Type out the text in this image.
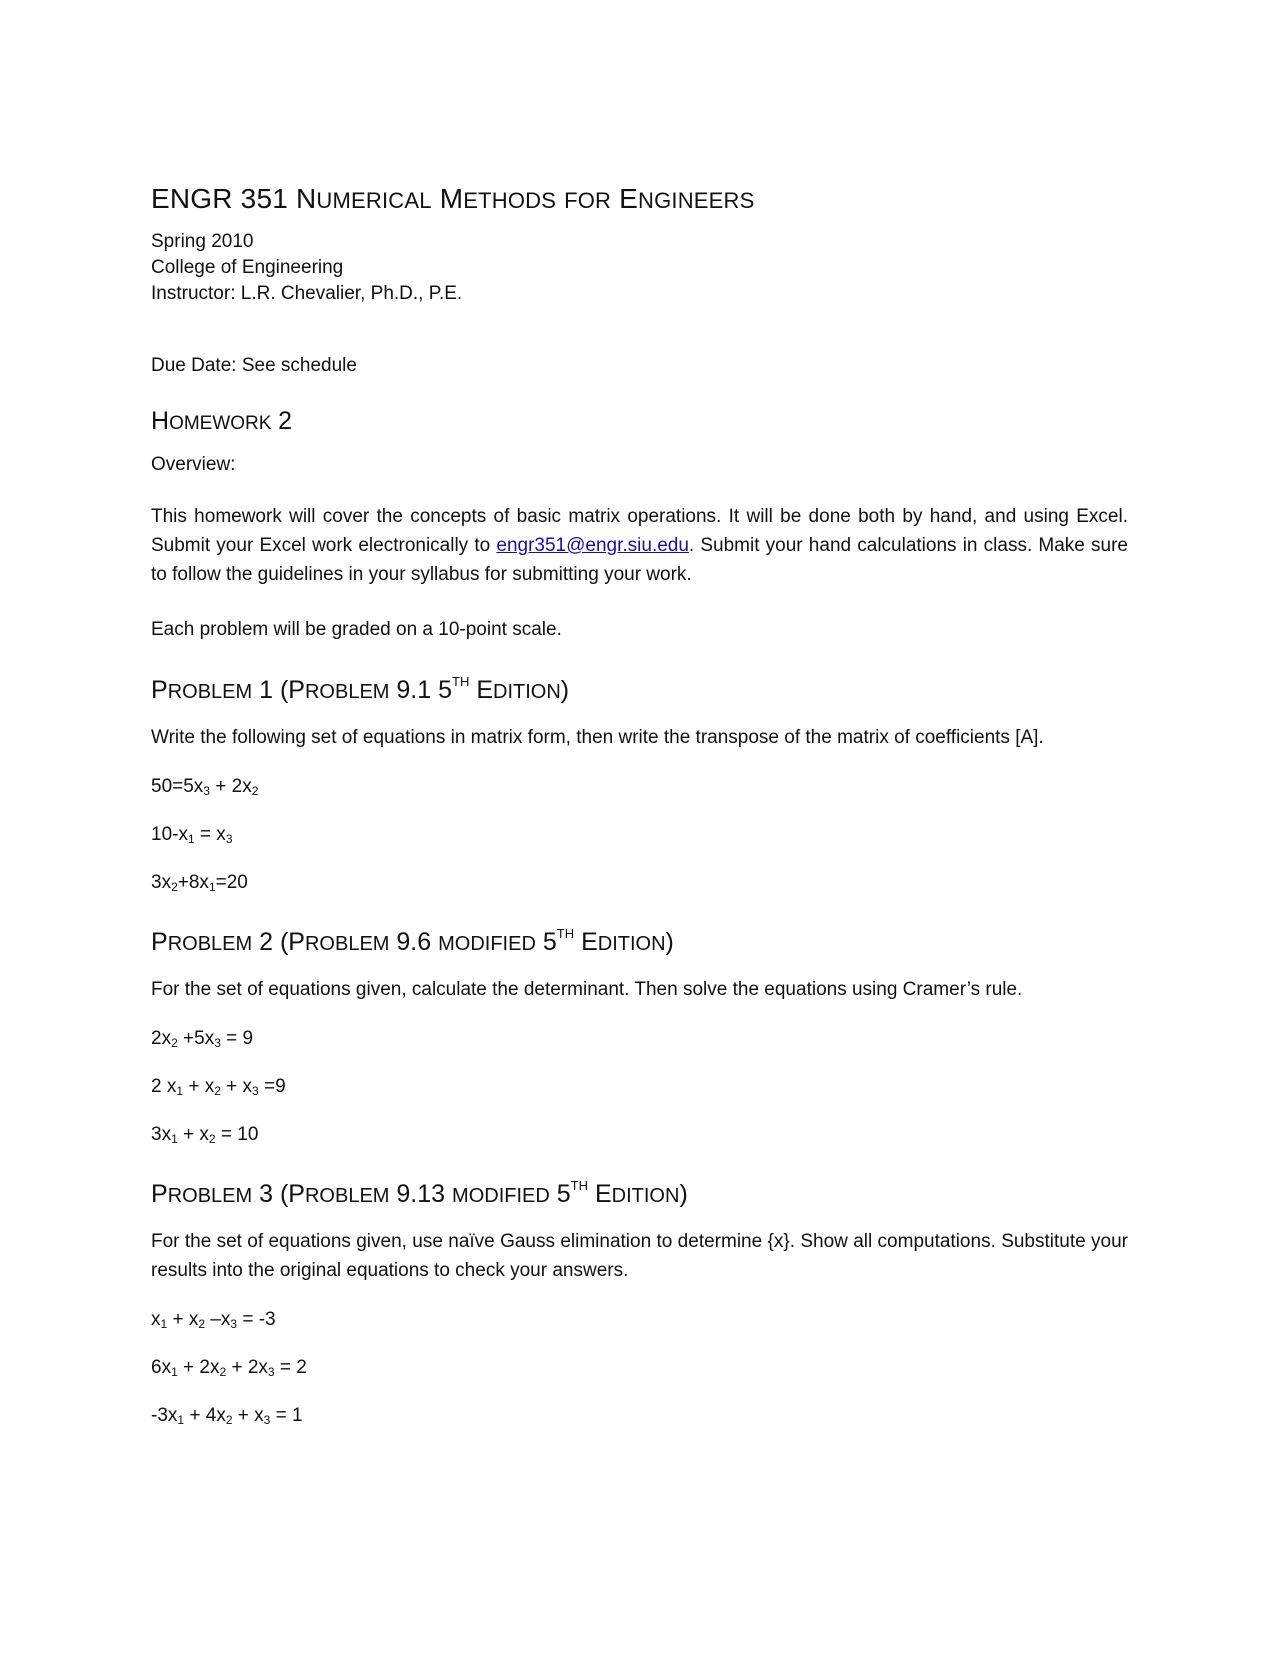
ENGR 351 NUMERICAL METHODS FOR ENGINEERS

Spring 2010

College of Engineering

Instructor: L.R. Chevalier, Ph.D., P.E.

Due Date: See schedule

HOMEWORK 2

Overview:

This homework will cover the concepts of basic matrix operations. It will be done both by hand, and using Excel. Submit your Excel work electronically to engr351@engr.siu.edu. Submit your hand calculations in class. Make sure to follow the guidelines in your syllabus for submitting your work.

Each problem will be graded on a 10-point scale.

PROBLEM 1 (PROBLEM 9.1 5TH EDITION)

Write the following set of equations in matrix form, then write the transpose of the matrix of coefficients [A].

$50=5x_3 + 2x_2$

$10-x_1 = x_3$

$3x_2+8x_1=20$

PROBLEM 2 (PROBLEM 9.6 MODIFIED 5TH EDITION)

For the set of equations given, calculate the determinant. Then solve the equations using Cramer’s rule.

$2x_2 +5x_3 = 9$

2 $x_1 + x_2 + x_3 =9$

$3x_1 + x_2 = 10$

PROBLEM 3 (PROBLEM 9.13 MODIFIED 5TH EDITION)

For the set of equations given, use naïve Gauss elimination to determine {x}. Show all computations. Substitute your results into the original equations to check your answers.

$x_1 + x_2$ $-x_3 = -3$

$6x_1 + 2x_2 + 2x_3 = 2$

$-3x_1 + 4x_2 + x_3 = 1$
